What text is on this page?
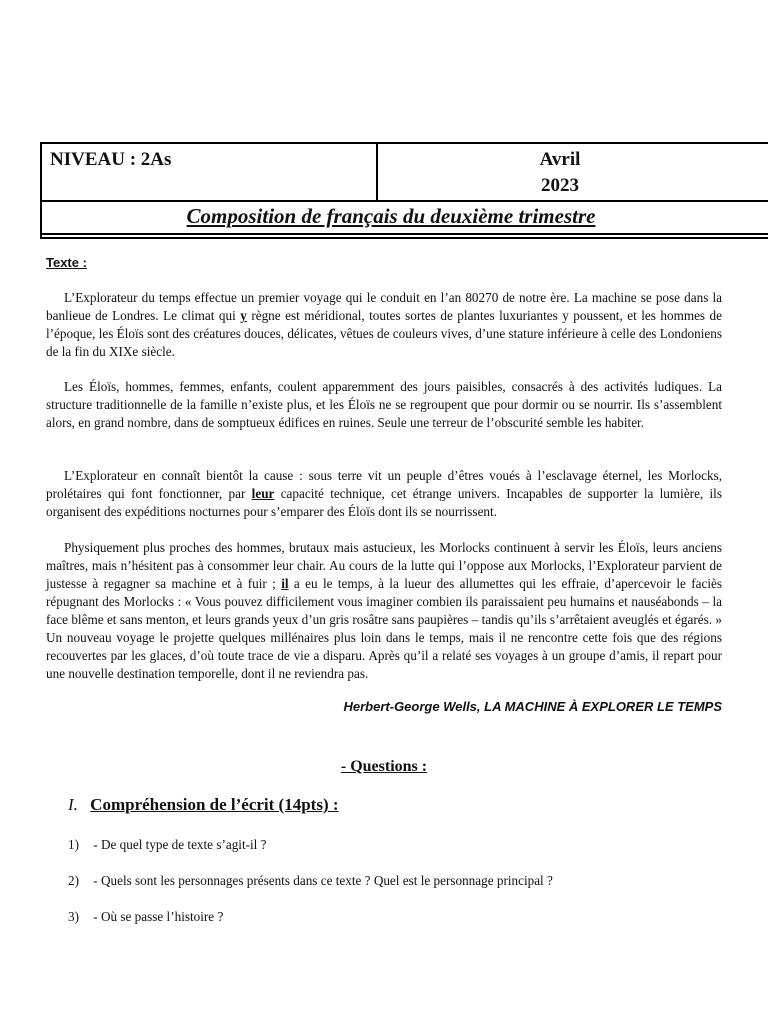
NIVEAU : 2As	Avril
2023
Composition de français du deuxième trimestre
Texte :

L’Explorateur du temps effectue un premier voyage qui le conduit en l’an 80270 de notre ère. La machine se pose dans la banlieue de Londres. Le climat qui y règne est méridional, toutes sortes de plantes luxuriantes y poussent, et les hommes de l’époque, les Éloïs sont des créatures douces, délicates, vêtues de couleurs vives, d’une stature inférieure à celle des Londoniens de la fin du XIXe siècle.

Les Éloïs, hommes, femmes, enfants, coulent apparemment des jours paisibles, consacrés à des activités ludiques. La structure traditionnelle de la famille n’existe plus, et les Éloïs ne se regroupent que pour dormir ou se nourrir. Ils s’assemblent alors, en grand nombre, dans de somptueux édifices en ruines. Seule une terreur de l’obscurité semble les habiter.

L’Explorateur en connaît bientôt la cause : sous terre vit un peuple d’êtres voués à l’esclavage éternel, les Morlocks, prolétaires qui font fonctionner, par leur capacité technique, cet étrange univers. Incapables de supporter la lumière, ils organisent des expéditions nocturnes pour s’emparer des Éloïs dont ils se nourrissent.

Physiquement plus proches des hommes, brutaux mais astucieux, les Morlocks continuent à servir les Éloïs, leurs anciens maîtres, mais n’hésitent pas à consommer leur chair. Au cours de la lutte qui l’oppose aux Morlocks, l’Explorateur parvient de justesse à regagner sa machine et à fuir ; il a eu le temps, à la lueur des allumettes qui les effraie, d’apercevoir le faciès répugnant des Morlocks : « Vous pouvez difficilement vous imaginer combien ils paraissaient peu humains et nauséabonds – la face blême et sans menton, et leurs grands yeux d’un gris rosâtre sans paupières – tandis qu’ils s’arrêtaient aveuglés et égarés. » Un nouveau voyage le projette quelques millénaires plus loin dans le temps, mais il ne rencontre cette fois que des régions recouvertes par les glaces, d’où toute trace de vie a disparu. Après qu’il a relaté ses voyages à un groupe d’amis, il repart pour une nouvelle destination temporelle, dont il ne reviendra pas.

Herbert-George Wells, LA MACHINE À EXPLORER LE TEMPS
- Questions :
I. Compréhension de l’écrit (14pts) :
1) - De quel type de texte s’agit-il ?
2) - Quels sont les personnages présents dans ce texte ? Quel est le personnage principal ?
3) - Où se passe l’histoire ?
